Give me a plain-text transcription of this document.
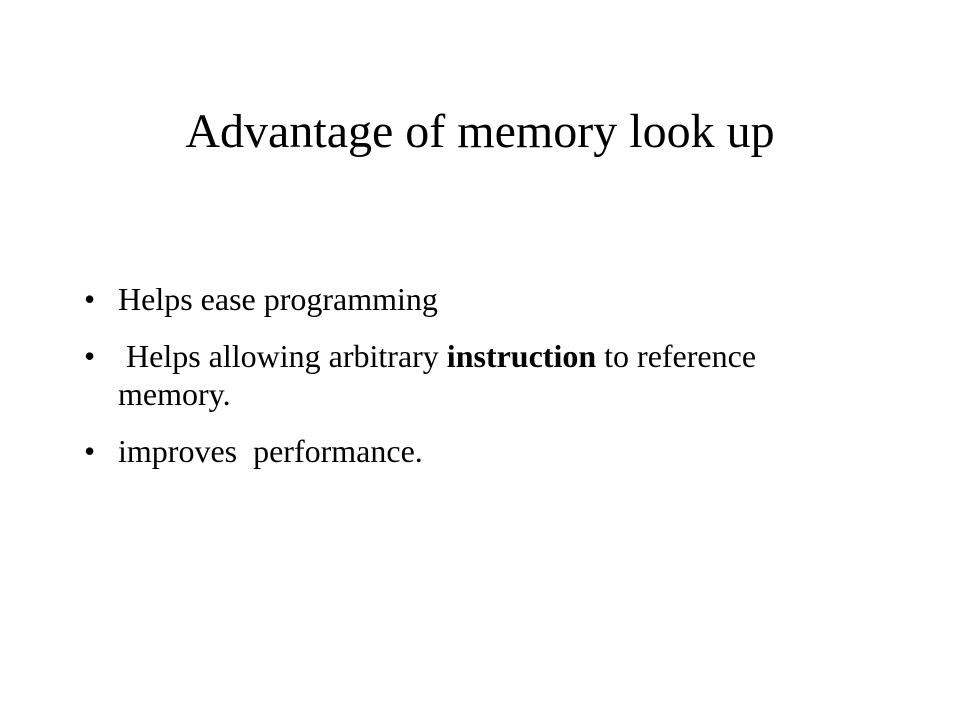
Advantage of memory look up
• Helps ease programming
• Helps allowing arbitrary instruction to reference memory.
• improves  performance.
